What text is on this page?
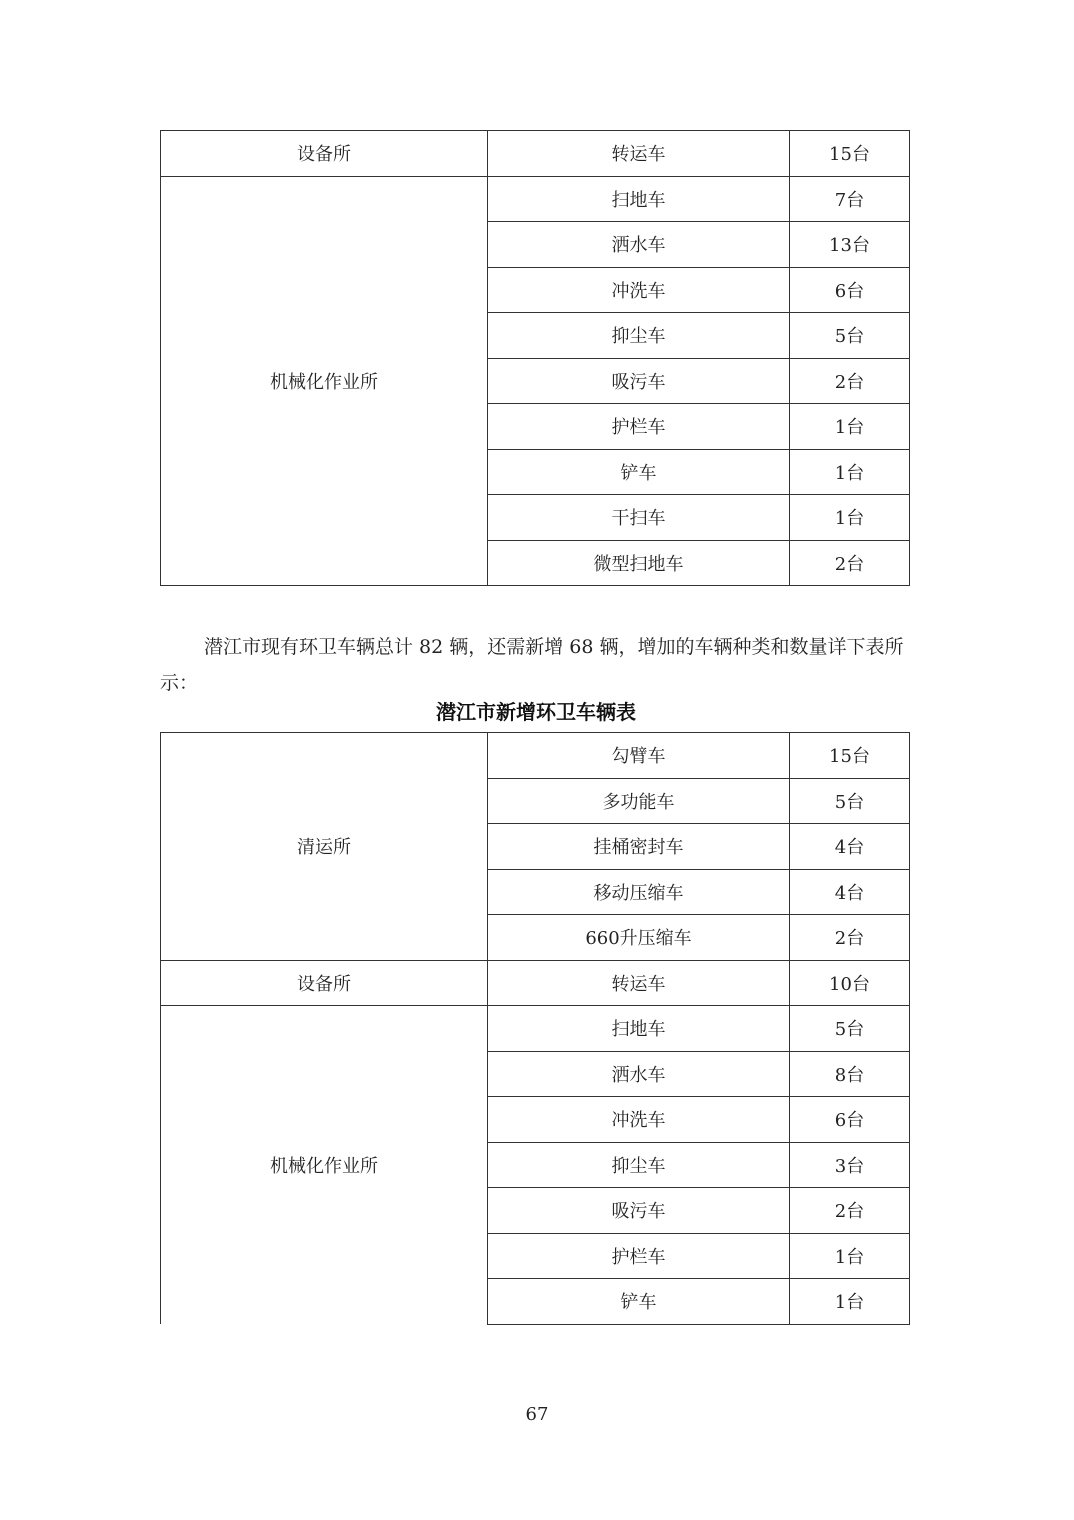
设备所	转运车	15台
机械化作业所	扫地车	7台
	洒水车	13台
	冲洗车	6台
	抑尘车	5台
	吸污车	2台
	护栏车	1台
	铲车	1台
	干扫车	1台
	微型扫地车	2台

潜江市现有环卫车辆总计 82 辆，还需新增 68 辆，增加的车辆种类和数量详下表所示：

潜江市新增环卫车辆表
清运所	勾臂车	15台
	多功能车	5台
	挂桶密封车	4台
	移动压缩车	4台
	660升压缩车	2台
设备所	转运车	10台
机械化作业所	扫地车	5台
	洒水车	8台
	冲洗车	6台
	抑尘车	3台
	吸污车	2台
	护栏车	1台
	铲车	1台
67
